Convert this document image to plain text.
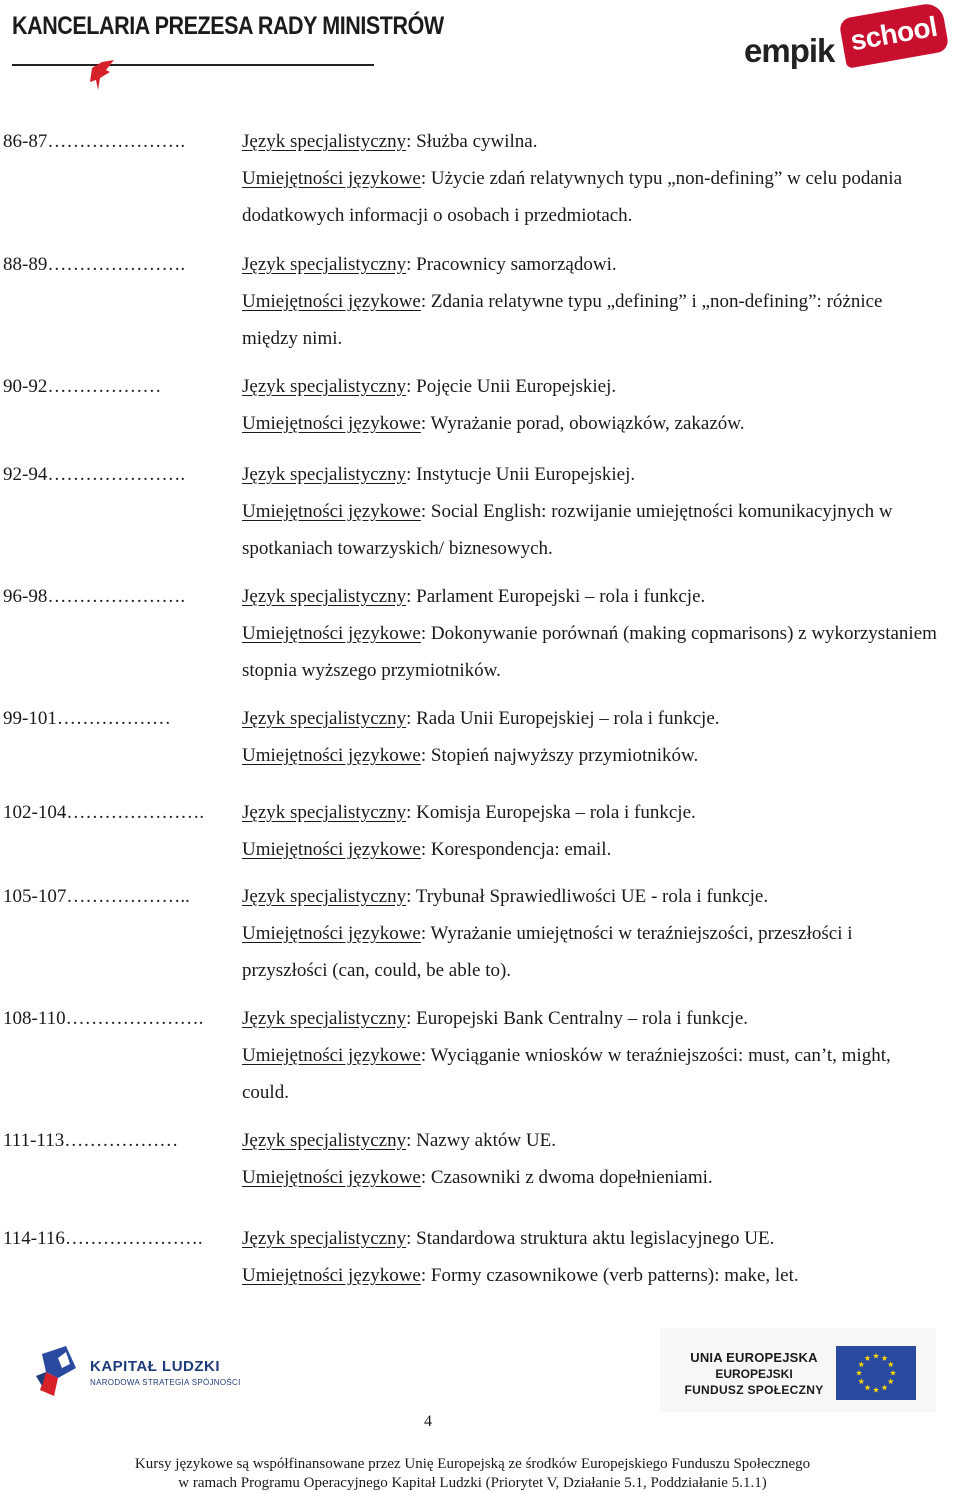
KANCELARIA PREZESA RADY MINISTRÓW
empik school
86-87………………….	Język specjalistyczny: Służba cywilna.

Umiejętności językowe: Użycie zdań relatywnych typu „non-defining” w celu podania dodatkowych informacji o osobach i przedmiotach.

88-89………………….	Język specjalistyczny: Pracownicy samorządowi.

Umiejętności językowe: Zdania relatywne typu „defining” i „non-defining”: różnice między nimi.

90-92………………	Język specjalistyczny: Pojęcie Unii Europejskiej.

Umiejętności językowe: Wyrażanie porad, obowiązków, zakazów.

92-94………………….	Język specjalistyczny: Instytucje Unii Europejskiej.

Umiejętności językowe: Social English: rozwijanie umiejętności komunikacyjnych w spotkaniach towarzyskich/ biznesowych.

96-98………………….	Język specjalistyczny: Parlament Europejski – rola i funkcje.

Umiejętności językowe: Dokonywanie porównań (making copmarisons) z wykorzystaniem stopnia wyższego przymiotników.

99-101………………	Język specjalistyczny: Rada Unii Europejskiej – rola i funkcje.

Umiejętności językowe: Stopień najwyższy przymiotników.

102-104…………………. Język specjalistyczny: Komisja Europejska – rola i funkcje.

Umiejętności językowe: Korespondencja: email.

105-107………………..	Język specjalistyczny: Trybunał Sprawiedliwości UE - rola i funkcje.

Umiejętności językowe: Wyrażanie umiejętności w teraźniejszości, przeszłości i przyszłości (can, could, be able to).

108-110…………………. Język specjalistyczny: Europejski Bank Centralny – rola i funkcje.

Umiejętności językowe: Wyciąganie wniosków w teraźniejszości: must, can’t, might, could.

111-113………………	Język specjalistyczny: Nazwy aktów UE.

Umiejętności językowe: Czasowniki z dwoma dopełnieniami.

114-116…………………. Język specjalistyczny: Standardowa struktura aktu legislacyjnego UE.

Umiejętności językowe: Formy czasownikowe (verb patterns): make, let.

KAPITAŁ LUDZKI
NARODOWA STRATEGIA SPÓJNOŚCI
UNIA EUROPEJSKA
EUROPEJSKI
FUNDUSZ SPOŁECZNY
4
Kursy językowe są współfinansowane przez Unię Europejską ze środków Europejskiego Funduszu Społecznego
w ramach Programu Operacyjnego Kapitał Ludzki (Priorytet V, Działanie 5.1, Poddziałanie 5.1.1)
